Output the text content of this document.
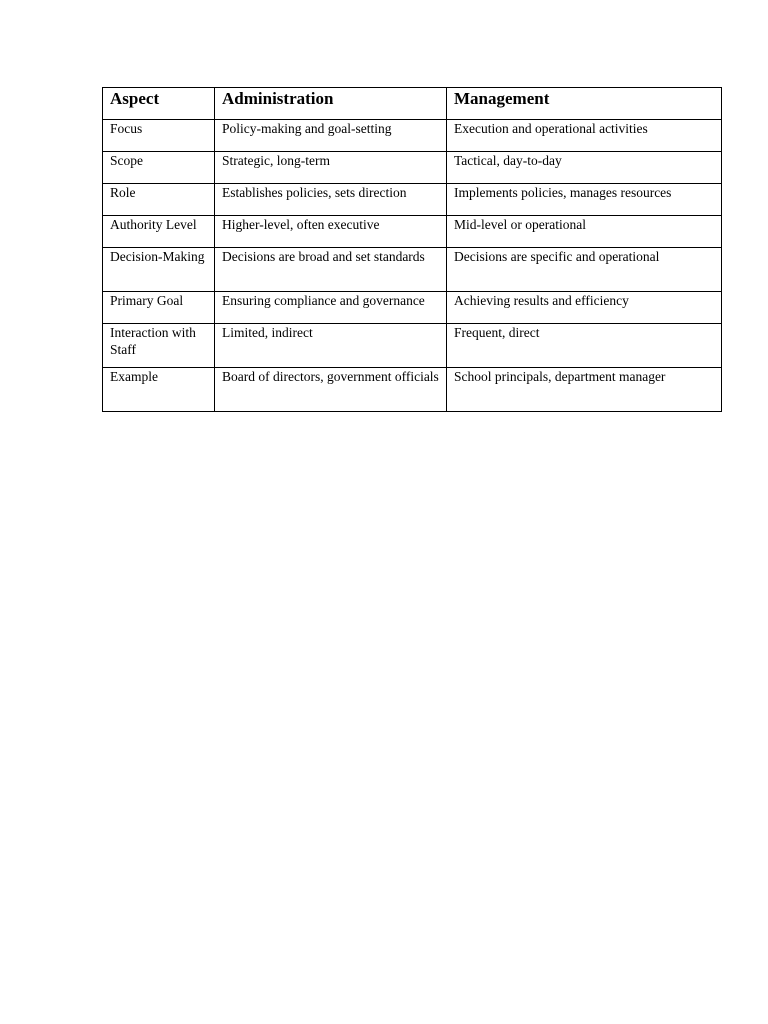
Aspect	Administration	Management
Focus	Policy-making and goal-setting	Execution and operational activities
Scope	Strategic, long-term	Tactical, day-to-day
Role	Establishes policies, sets direction	Implements policies, manages resources
Authority Level	Higher-level, often executive	Mid-level or operational
Decision-Making	Decisions are broad and set standards	Decisions are specific and operational
Primary Goal	Ensuring compliance and governance	Achieving results and efficiency
Interaction with Staff	Limited, indirect	Frequent, direct
Example	Board of directors, government officials	School principals, department manager
